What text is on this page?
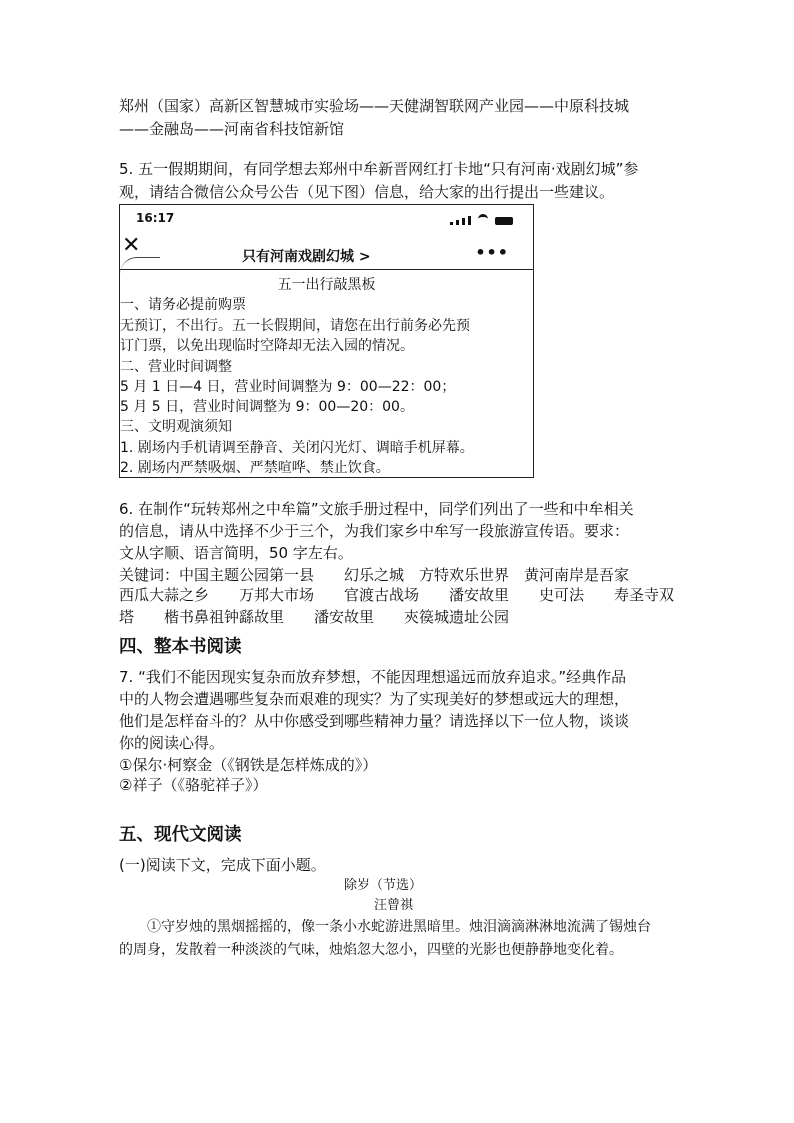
郑州（国家）高新区智慧城市实验场——天健湖智联网产业园——中原科技城
——金融岛——河南省科技馆新馆
5. 五一假期期间，有同学想去郑州中牟新晋网红打卡地“只有河南·戏剧幻城”参
观，请结合微信公众号公告（见下图）信息，给大家的出行提出一些建议。
16:17
✕	只有河南戏剧幻城 >	•••
五一出行敲黑板
一、请务必提前购票
无预订，不出行。五一长假期间，请您在出行前务必先预
订门票，以免出现临时空降却无法入园的情况。
二、营业时间调整
5 月 1 日—4 日，营业时间调整为 9：00—22：00；
5 月 5 日，营业时间调整为 9：00—20：00。
三、文明观演须知
1. 剧场内手机请调至静音、关闭闪光灯、调暗手机屏幕。
2. 剧场内严禁吸烟、严禁喧哗、禁止饮食。
6. 在制作“玩转郑州之中牟篇”文旅手册过程中，同学们列出了一些和中牟相关
的信息，请从中选择不少于三个，为我们家乡中牟写一段旅游宣传语。要求：
文从字顺、语言简明，50 字左右。
关键词：中国主题公园第一县　　幻乐之城　方特欢乐世界　黄河南岸是吾家
西瓜大蒜之乡　　万邦大市场　　官渡古战场　　潘安故里　　史可法　　寿圣寺双
塔　　楷书鼻祖钟繇故里　　潘安故里　　㚒篌城遗址公园
四、整本书阅读
7. “我们不能因现实复杂而放弃梦想，不能因理想遥远而放弃追求。”经典作品
中的人物会遭遇哪些复杂而艰难的现实？为了实现美好的梦想或远大的理想，
他们是怎样奋斗的？从中你感受到哪些精神力量？请选择以下一位人物，谈谈
你的阅读心得。
①保尔·柯察金（《钢铁是怎样炼成的》）
②祥子（《骆驼祥子》）
五、现代文阅读
(一)阅读下文，完成下面小题。
除岁（节选）
汪曾祺
①守岁烛的黑烟摇摇的，像一条小水蛇游进黑暗里。烛泪滴滴淋淋地流满了锡烛台的周身，发散着一种淡淡的气味，烛焰忽大忽小，四壁的光影也便静静地变化着。
